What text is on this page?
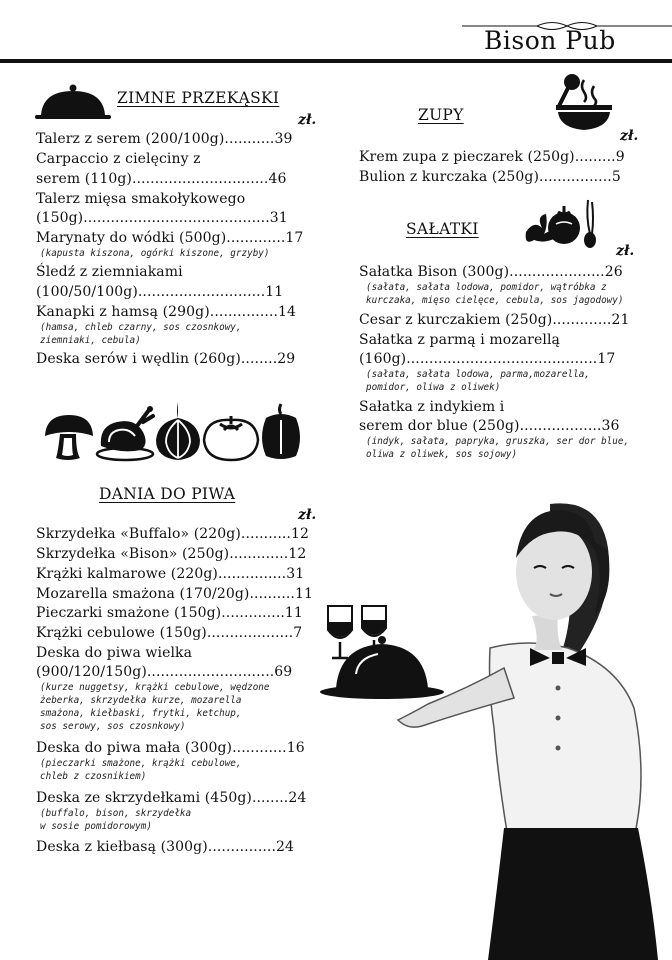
Bison Pub
ZIMNE PRZEKĄSKI
zł.
Talerz z serem (200/100g)...........39
Carpaccio z cielęciny z
serem (110g)..............................46
Talerz mięsa smakołykowego
(150g).........................................31
Marynaty do wódki (500g).............17
(kapusta kiszona, ogórki kiszone, grzyby)
Śledź z ziemniakami
(100/50/100g)............................11
Kanapki z hamsą (290g)...............14
(hamsa, chleb czarny, sos czosnkowy,
ziemniaki, cebula)
Deska serów i wędlin (260g)........29
DANIA DO PIWA
zł.
Skrzydełka «Buffalo» (220g)...........12
Skrzydełka «Bison» (250g).............12
Krążki kalmarowe (220g)...............31
Mozarella smażona (170/20g)..........11
Pieczarki smażone (150g)..............11
Krążki cebulowe (150g)...................7
Deska do piwa wielka
(900/120/150g)............................69
(kurze nuggetsy, krążki cebulowe, wędzone
żeberka, skrzydełka kurze, mozarella
smażona, kiełbaski, frytki, ketchup,
sos serowy, sos czosnkowy)
Deska do piwa mała (300g)............16
(pieczarki smażone, krążki cebulowe,
chleb z czosnikiem)
Deska ze skrzydełkami (450g)........24
(buffalo, bison, skrzydełka
w sosie pomidorowym)
Deska z kiełbasą (300g)...............24
ZUPY
zł.
Krem zupa z pieczarek (250g).........9
Bulion z kurczaka (250g)................5
SAŁATKI
zł.
Sałatka Bison (300g).....................26
(sałata, sałata lodowa, pomidor, wątróbka z
kurczaka, mięso cielęce, cebula, sos jagodowy)
Cesar z kurczakiem (250g).............21
Sałatka z parmą i mozarellą
(160g)..........................................17
(sałata, sałata lodowa, parma,mozarella,
pomidor, oliwa z oliwek)
Sałatka z indykiem i
serem dor blue (250g)..................36
(indyk, sałata, papryka, gruszka, ser dor blue,
oliwa z oliwek, sos sojowy)
